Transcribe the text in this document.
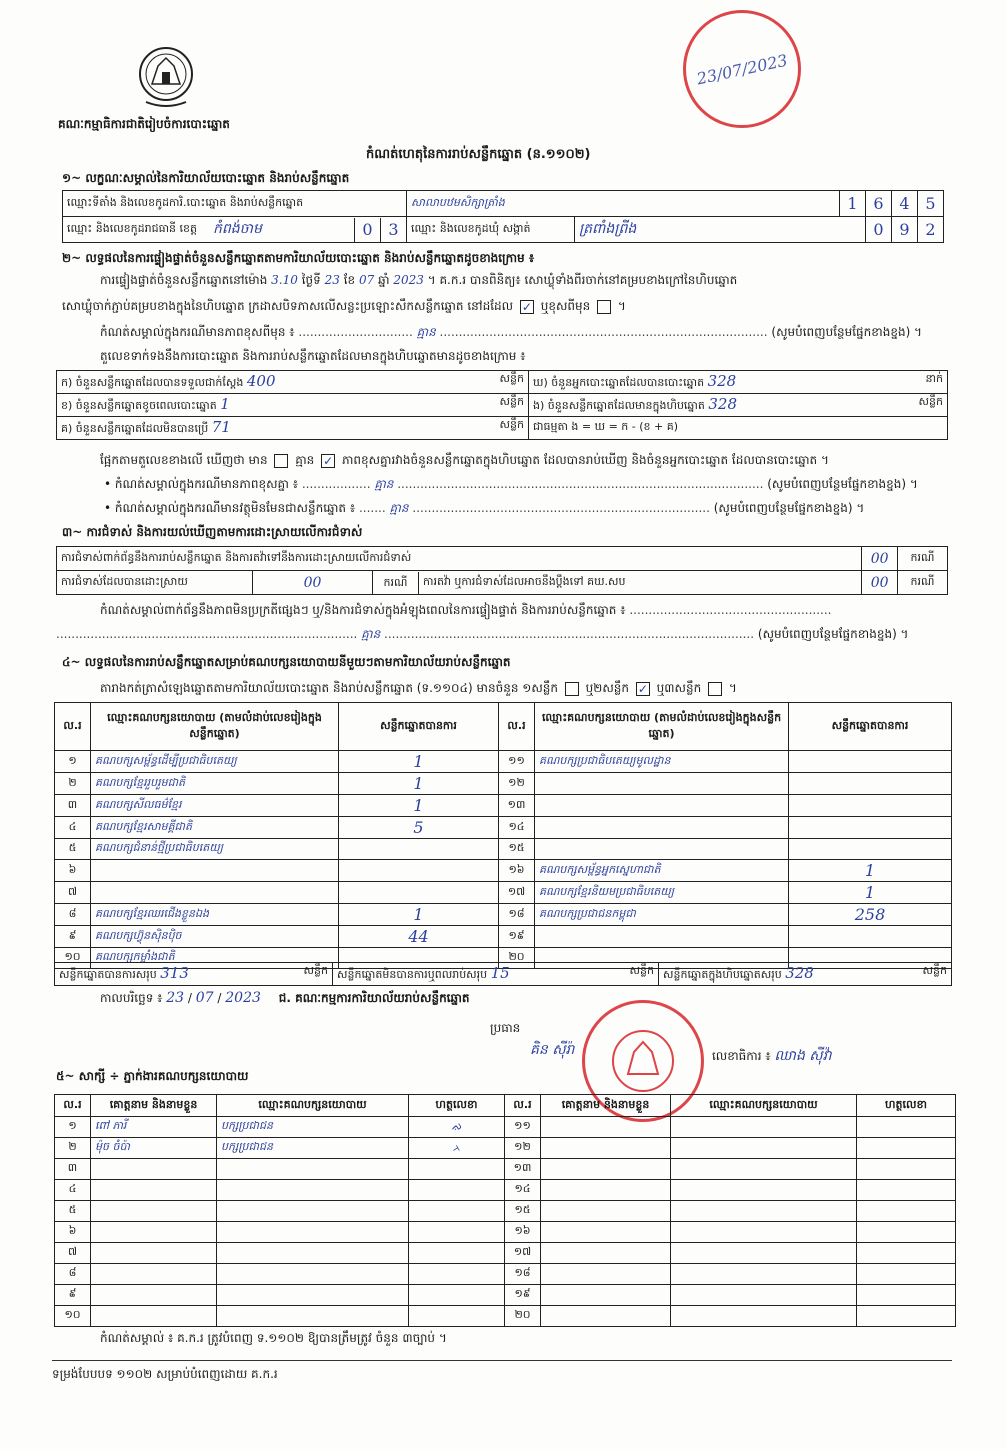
គណៈកម្មាធិការជាតិរៀបចំការបោះឆ្នោត
23/07/2023
កំណត់ហេតុនៃការរាប់សន្លឹកឆ្នោត (ន.១១០២)
១~ លក្ខណៈសម្គាល់នៃការិយាល័យបោះឆ្នោត និងរាប់សន្លឹកឆ្នោត
ឈ្មោះទីតាំង និងលេខកូដការិ.បោះឆ្នោត និងរាប់សន្លឹកឆ្នោត	សាលាបឋមសិក្សាត្រាំង		1	6	4	5

ឈ្មោះ និងលេខកូដរាជធានី ខេត្ត កំពង់ចាម 0 3	ឈ្មោះ និងលេខកូដឃុំ សង្កាត់	ត្រពាំងព្រីង		0	9	2
២~ លទ្ធផលនៃការផ្ទៀងផ្ទាត់ចំនួនសន្លឹកឆ្នោតតាមការិយាល័យបោះឆ្នោត និងរាប់សន្លឹកឆ្នោតដូចខាងក្រោម ៖
ការផ្ទៀងផ្ទាត់ចំនួនសន្លឹកឆ្នោតនៅម៉ោង 3.10 ថ្ងៃទី 23 ខែ 07 ឆ្នាំ 2023 ។ គ.ក.រ បានពិនិត្យ៖ សោឃ្លុំទាំងពីរចាក់នៅគម្របខាងក្រៅនៃហិបឆ្នោត
សោឃ្លុំចាក់ភ្ជាប់គម្របខាងក្នុងនៃហិបឆ្នោត ក្រដាសបិទភាសលើសន្លះប្រឡោះសឹកសន្លឹកឆ្នោត នៅដដែល ✓ ឬខុសពីមុន  ។
កំណត់សម្គាល់ក្នុងករណីមានភាពខុសពីមុន ៖ .............................. គ្មាន ...................................................................................... (សូមបំពេញបន្ថែមផ្នែកខាងខ្នង) ។
តួលេខទាក់ទងនឹងការបោះឆ្នោត និងការរាប់សន្លឹកឆ្នោតដែលមានក្នុងហិបឆ្នោតមានដូចខាងក្រោម ៖
ក) ចំនួនសន្លឹកឆ្នោតដែលបានទទួលជាក់ស្តែង 400 សន្លឹក	ឃ) ចំនួនអ្នកបោះឆ្នោតដែលបានបោះឆ្នោត 328 នាក់

ខ) ចំនួនសន្លឹកឆ្នោតខូចពេលបោះឆ្នោត 1 សន្លឹក	ង) ចំនួនសន្លឹកឆ្នោតដែលមានក្នុងហិបឆ្នោត 328 សន្លឹក

គ) ចំនួនសន្លឹកឆ្នោតដែលមិនបានប្រើ 71 សន្លឹក	ជាធម្មតា ង = ឃ = ក - (ខ + គ)
ផ្អែកតាមតួលេខខាងលើ ឃើញថា មាន គ្មាន ✓ ភាពខុសគ្នារវាងចំនួនសន្លឹកឆ្នោតក្នុងហិបឆ្នោត ដែលបានរាប់ឃើញ និងចំនួនអ្នកបោះឆ្នោត ដែលបានបោះឆ្នោត ។
• កំណត់សម្គាល់ក្នុងករណីមានភាពខុសគ្នា ៖ .................. គ្មាន ................................................................................................ (សូមបំពេញបន្ថែមផ្នែកខាងខ្នង) ។
• កំណត់សម្គាល់ក្នុងករណីមានវត្ថុមិនមែនជាសន្លឹកឆ្នោត ៖ ....... គ្មាន .............................................................................. (សូមបំពេញបន្ថែមផ្នែកខាងខ្នង) ។
៣~ ការជំទាស់ និងការយល់ឃើញតាមការដោះស្រាយលើការជំទាស់
ការជំទាស់ពាក់ព័ន្ធនឹងការរាប់សន្លឹកឆ្នោត និងការតវ៉ាទៅនឹងការដោះស្រាយលើការជំទាស់			00	ករណី
ការជំទាស់ដែលបានដោះស្រាយ	00	ករណី ការតវ៉ា ឬការជំទាស់ដែលអាចនឹងប្តឹងទៅ គឃ.សប	00	ករណី
កំណត់សម្គាល់ពាក់ព័ន្ធនឹងភាពមិនប្រក្រតីផ្សេងៗ ឬ/និងការជំទាស់ក្នុងអំឡុងពេលនៃការផ្ទៀងផ្ទាត់ និងការរាប់សន្លឹកឆ្នោត ៖ .....................................................
............................................................................... គ្មាន ................................................................................................. (សូមបំពេញបន្ថែមផ្នែកខាងខ្នង) ។
៤~ លទ្ធផលនៃការរាប់សន្លឹកឆ្នោតសម្រាប់គណបក្សនយោបាយនីមួយៗតាមការិយាល័យរាប់សន្លឹកឆ្នោត
តារាងកត់ត្រាសំឡេងឆ្នោតតាមការិយាល័យបោះឆ្នោត និងរាប់សន្លឹកឆ្នោត (ទ.១១០៤) មានចំនួន ១សន្លឹក ឬ២សន្លឹក ✓ ឬ៣សន្លឹក  ។
ល.រ	ឈ្មោះគណបក្សនយោបាយ (តាមលំដាប់លេខរៀងក្នុងសន្លឹកឆ្នោត)	សន្លឹកឆ្នោតបានការ	ល.រ	ឈ្មោះគណបក្សនយោបាយ (តាមលំដាប់លេខរៀងក្នុងសន្លឹកឆ្នោត)	សន្លឹកឆ្នោតបានការ
១	គណបក្សសម្ព័ន្ធដើម្បីប្រជាធិបតេយ្យ	1	១១	គណបក្សប្រជាធិបតេយ្យមូលដ្ឋាន	
២	គណបក្សខ្មែររួបរួមជាតិ	1	១២		
៣	គណបក្សសីលធម៌ខ្មែរ	1	១៣		
៤	គណបក្សខ្មែរសាមគ្គីជាតិ	5	១៤		
៥	គណបក្សជំនាន់ថ្មីប្រជាធិបតេយ្យ		១៥		
៦			១៦	គណបក្សសម្ព័ន្ធអ្នកស្នេហាជាតិ	1
៧			១៧	គណបក្សខ្មែរនិយមប្រជាធិបតេយ្យ	1
៨	គណបក្សខ្មែរឈរជើងខ្លួនឯង	1	១៨	គណបក្សប្រជាជនកម្ពុជា	258
៩	គណបក្សហ៊្វុនស៊ិនប៉ិច	44	១៩		
១០	គណបក្សកម្លាំងជាតិ		២០		
សន្លឹកឆ្នោតបានការសរុប 313	សន្លឹក	សន្លឹកឆ្នោតមិនបានការឬពលរាប់សរុប 15	សន្លឹក	សន្លឹកឆ្នោតក្នុងហិបឆ្នោតសរុប 328	សន្លឹក
កាលបរិច្ឆេទ ៖ 23 / 07 / 2023 ជ. គណៈកម្មការការិយាល័យរាប់សន្លឹកឆ្នោត
ប្រធាន
គិន ស៊ីរ៉ា	លេខាធិការ ៖ ឈាង ស៊ីវ៉ា
៥~ សាក្សី ÷ ភ្នាក់ងារគណបក្សនយោបាយ
ល.រ	គោត្តនាម និងនាមខ្លួន	ឈ្មោះគណបក្សនយោបាយ	ហត្ថលេខា	ល.រ	គោត្តនាម និងនាមខ្លួន	ឈ្មោះគណបក្សនយោបាយ	ហត្ថលេខា
១	ពៅ ភារី	បក្សប្រជាជន	ᨁ	១១			
២	ម៉ុច ចំប៉ា	បក្សប្រជាជន	ᨂ	១២			
៣				១៣			
៤				១៤			
៥				១៥			
៦				១៦			
៧				១៧			
៨				១៨			
៩				១៩			
១០				២០			
កំណត់សម្គាល់ ៖ គ.ក.រ ត្រូវបំពេញ ទ.១១០២ ឱ្យបានត្រឹមត្រូវ ចំនួន ៣ច្បាប់ ។
ទម្រង់បែបបទ ១១០២ សម្រាប់បំពេញដោយ គ.ក.រ
